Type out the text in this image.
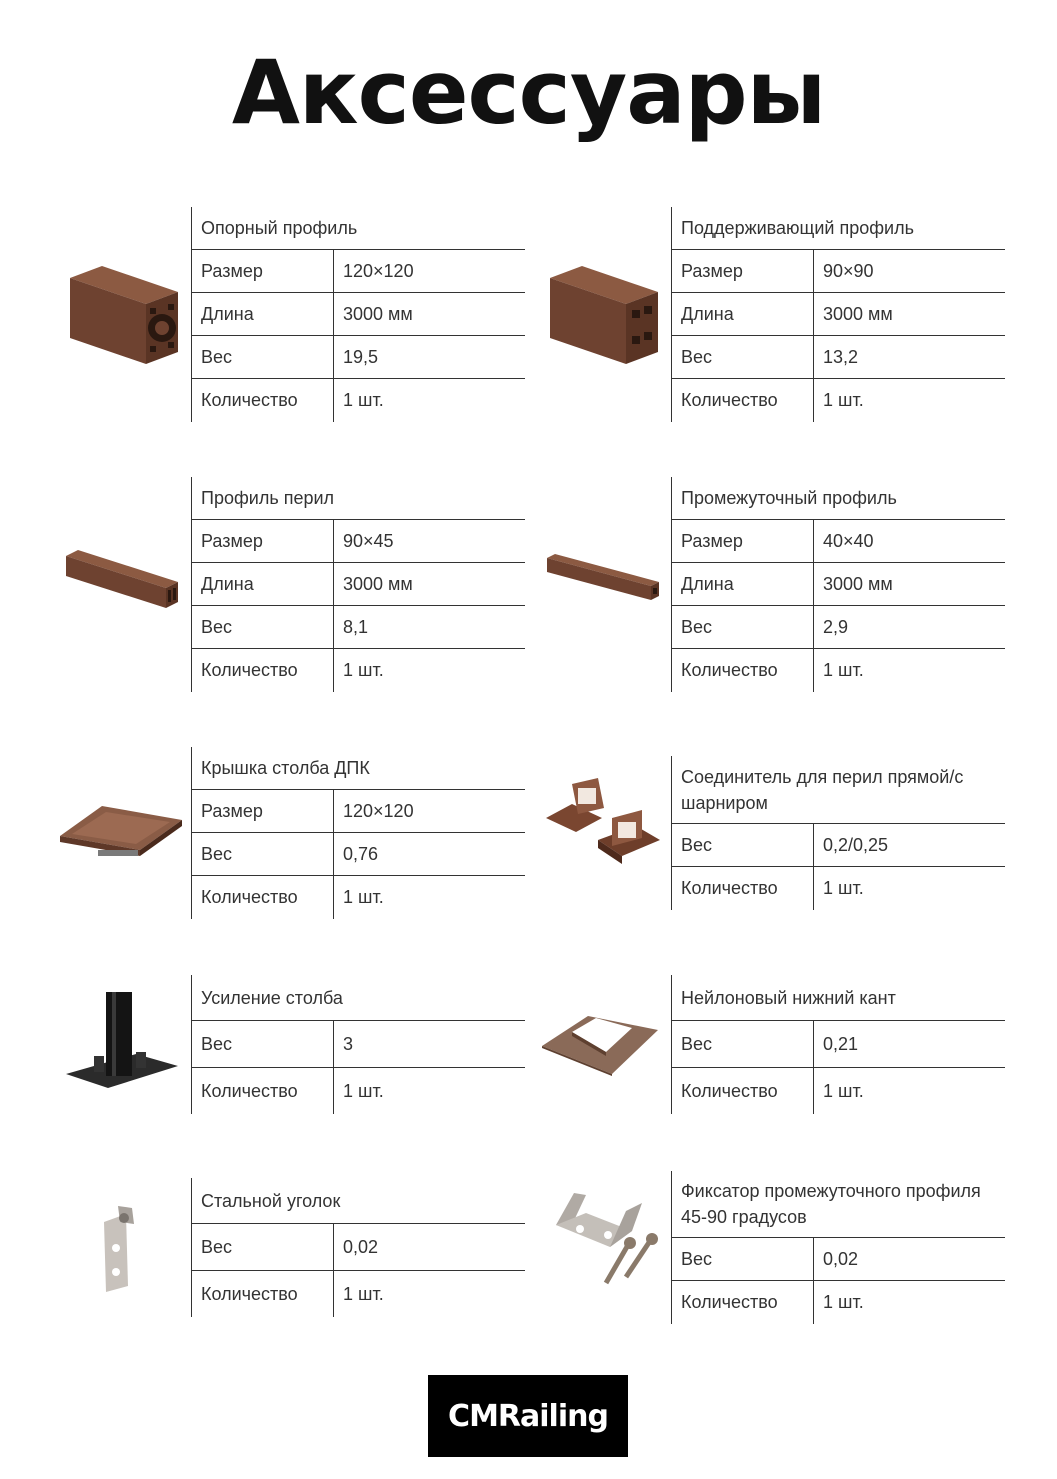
Аксессуары
Опорный профиль
Размер	120×120
Длина	3000 мм
Вес	19,5
Количество	1 шт.
Поддерживающий профиль
Размер	90×90
Длина	3000 мм
Вес	13,2
Количество	1 шт.
Профиль перил
Размер	90×45
Длина	3000 мм
Вес	8,1
Количество	1 шт.
Промежуточный профиль
Размер	40×40
Длина	3000 мм
Вес	2,9
Количество	1 шт.
Крышка столба ДПК
Размер	120×120
Вес	0,76
Количество	1 шт.
Соединитель для перил прямой/с шарниром
Вес	0,2/0,25
Количество	1 шт.
Усиление столба
Вес	3
Количество	1 шт.
Нейлоновый нижний кант
Вес	0,21
Количество	1 шт.
Стальной уголок
Вес	0,02
Количество	1 шт.
Фиксатор промежуточного профиля 45-90 градусов
Вес	0,02
Количество	1 шт.
CMRailing
